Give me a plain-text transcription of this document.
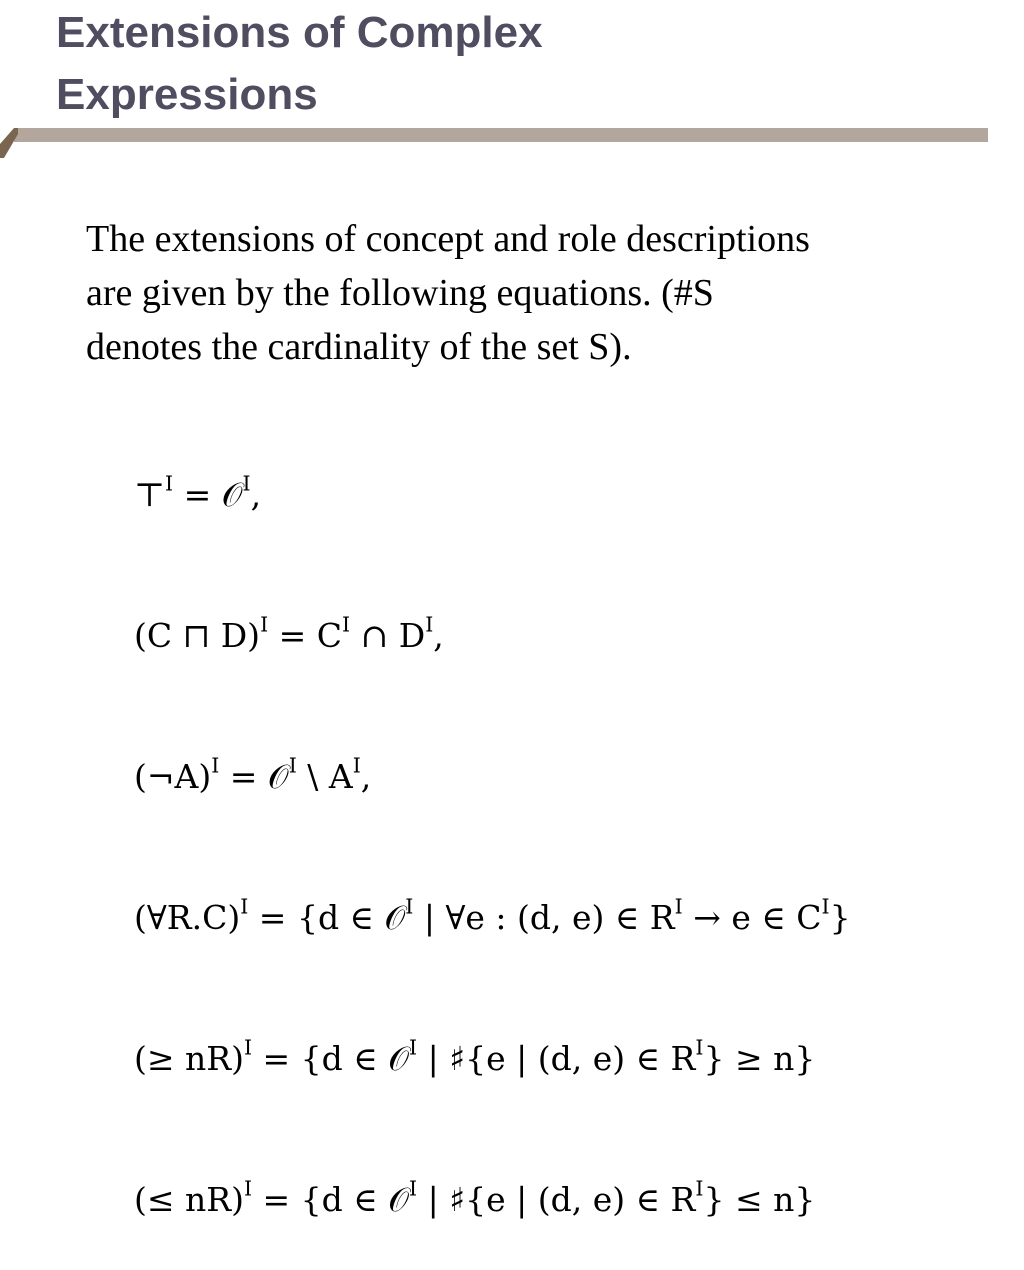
Extensions of Complex
Expressions

The extensions of concept and role descriptions
are given by the following equations. (#S
denotes the cardinality of the set S).

⊤$^I$ = 𝒪$^I$,

(C ⊓ $D)^I = C^I$ ∩ $D^I$,

(¬A)$^I$ = 𝒪$^I$ \ $A^I$,

(∀R.C)$^I$ = {d ∈ 𝒪$^I$ | ∀e : (d, e) ∈ $R^I \to e$ ∈ $C^I$}

(≥ nR)$^I$ = {d ∈ 𝒪$^I$ | ♯{e | (d, e) ∈ $R^I\} \ge n$}

(≤ nR)$^I$ = {d ∈ 𝒪$^I$ | ♯{e | (d, e) ∈ $R^I\} \le n$}
